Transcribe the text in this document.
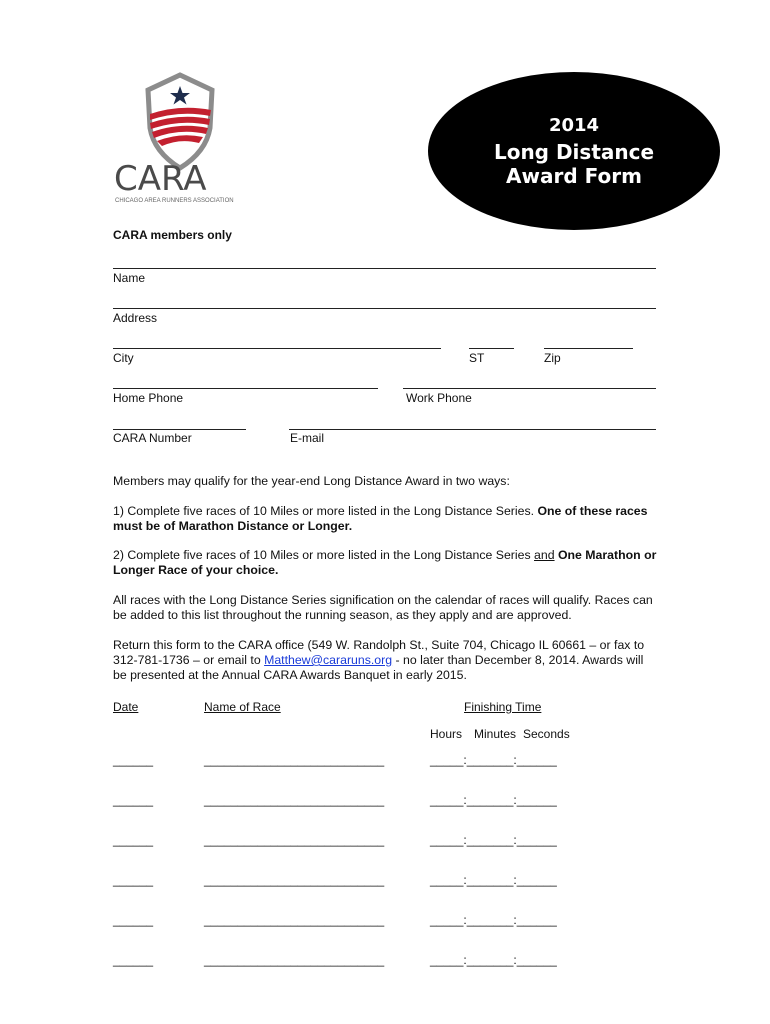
CARA
CHICAGO AREA RUNNERS ASSOCIATION
2014
Long Distance
Award Form
CARA members only
Name
Address
City	ST	Zip
Home Phone	Work Phone
CARA Number	E-mail
Members may qualify for the year-end Long Distance Award in two ways:
1) Complete five races of 10 Miles or more listed in the Long Distance Series. One of these races must be of Marathon Distance or Longer.
2) Complete five races of 10 Miles or more listed in the Long Distance Series and One Marathon or Longer Race of your choice.
All races with the Long Distance Series signification on the calendar of races will qualify. Races can be added to this list throughout the running season, as they apply and are approved.
Return this form to the CARA office (549 W. Randolph St., Suite 704, Chicago IL 60661 – or fax to 312-781-1736 – or email to Matthew@cararuns.org - no later than December 8, 2014. Awards will be presented at the Annual CARA Awards Banquet in early 2015.
Date	Name of Race	Finishing Time
Hours Minutes Seconds
______	___________________________	_____:_______:______
______	___________________________	_____:_______:______
______	___________________________	_____:_______:______
______	___________________________	_____:_______:______
______	___________________________	_____:_______:______
______	___________________________	_____:_______:______
